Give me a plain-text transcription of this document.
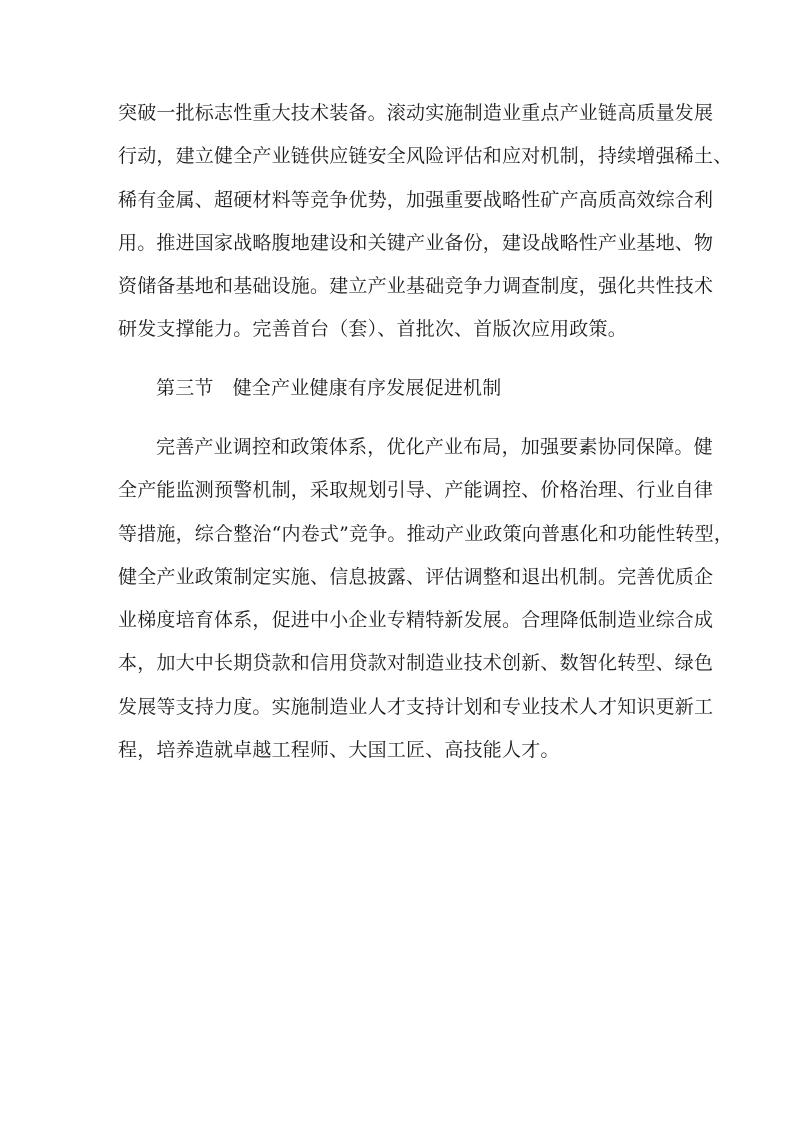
突破一批标志性重大技术装备。滚动实施制造业重点产业链高质量发展
行动，建立健全产业链供应链安全风险评估和应对机制，持续增强稀土、
稀有金属、超硬材料等竞争优势，加强重要战略性矿产高质高效综合利
用。推进国家战略腹地建设和关键产业备份，建设战略性产业基地、物
资储备基地和基础设施。建立产业基础竞争力调查制度，强化共性技术
研发支撑能力。完善首台（套）、首批次、首版次应用政策。
第三节 健全产业健康有序发展促进机制
完善产业调控和政策体系，优化产业布局，加强要素协同保障。健
全产能监测预警机制，采取规划引导、产能调控、价格治理、行业自律
等措施，综合整治“内卷式”竞争。推动产业政策向普惠化和功能性转型，
健全产业政策制定实施、信息披露、评估调整和退出机制。完善优质企
业梯度培育体系，促进中小企业专精特新发展。合理降低制造业综合成
本，加大中长期贷款和信用贷款对制造业技术创新、数智化转型、绿色
发展等支持力度。实施制造业人才支持计划和专业技术人才知识更新工
程，培养造就卓越工程师、大国工匠、高技能人才。
